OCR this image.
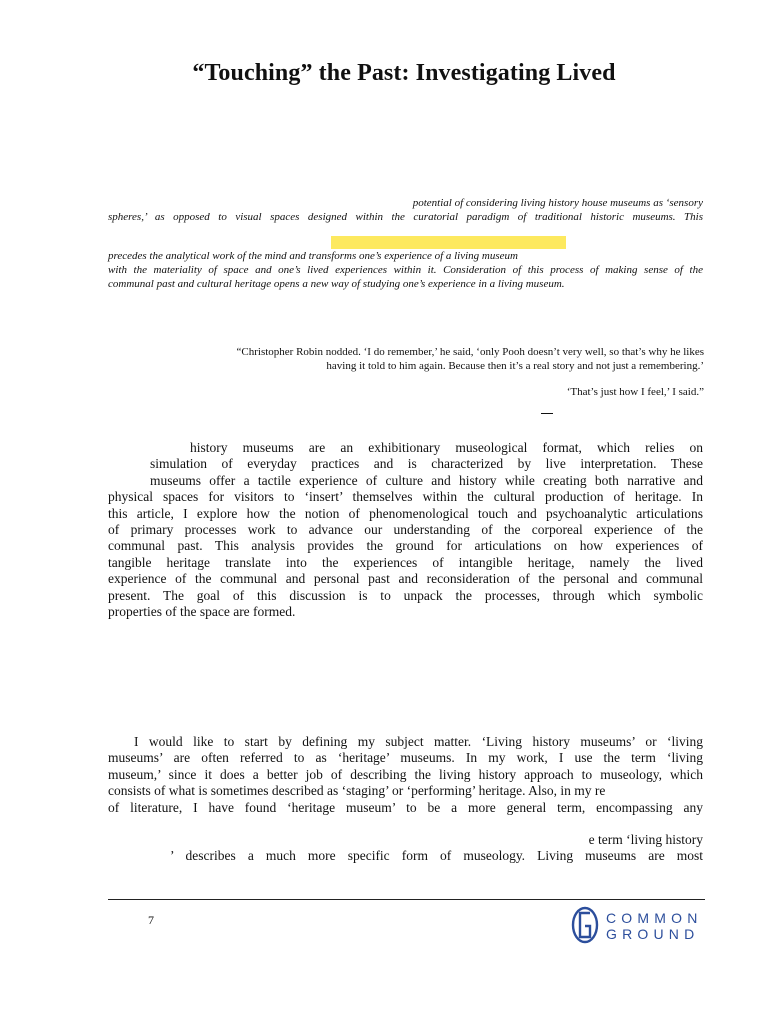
“Touching” the Past: Investigating Lived
potential of considering living history house museums as ‘sensory
spheres,’ as opposed to visual spaces designed within the curatorial paradigm of traditional historic museums. This
precedes the analytical work of the mind and transforms one’s experience of a living museum
with the materiality of space and one’s lived experiences within it. Consideration of this process of making sense of the
communal past and cultural heritage opens a new way of studying one’s experience in a living museum.
“Christopher Robin nodded. ‘I do remember,’ he said, ‘only Pooh doesn’t very well, so that’s why he likes
having it told to him again. Because then it’s a real story and not just a remembering.’
‘That’s just how I feel,’ I said.”
history museums are an exhibitionary museological format, which relies on
simulation of everyday practices and is characterized by live interpretation. These
museums offer a tactile experience of culture and history while creating both narrative and
physical spaces for visitors to ‘insert’ themselves within the cultural production of heritage. In
this article, I explore how the notion of phenomenological touch and psychoanalytic articulations
of primary processes work to advance our understanding of the corporeal experience of the
communal past. This analysis provides the ground for articulations on how experiences of
tangible heritage translate into the experiences of intangible heritage, namely the lived
experience of the communal and personal past and reconsideration of the personal and communal
present. The goal of this discussion is to unpack the processes, through which symbolic
properties of the space are formed.
I would like to start by defining my subject matter. ‘Living history museums’ or ‘living
museums’ are often referred to as ‘heritage’ museums. In my work, I use the term ‘living
museum,’ since it does a better job of describing the living history approach to museology, which
consists of what is sometimes described as ‘staging’ or ‘performing’ heritage. Also, in my re
of literature, I have found ‘heritage museum’ to be a more general term, encompassing any
e term ‘living history
’ describes a much more specific form of museology. Living museums are most
7	COMMON
GROUND
